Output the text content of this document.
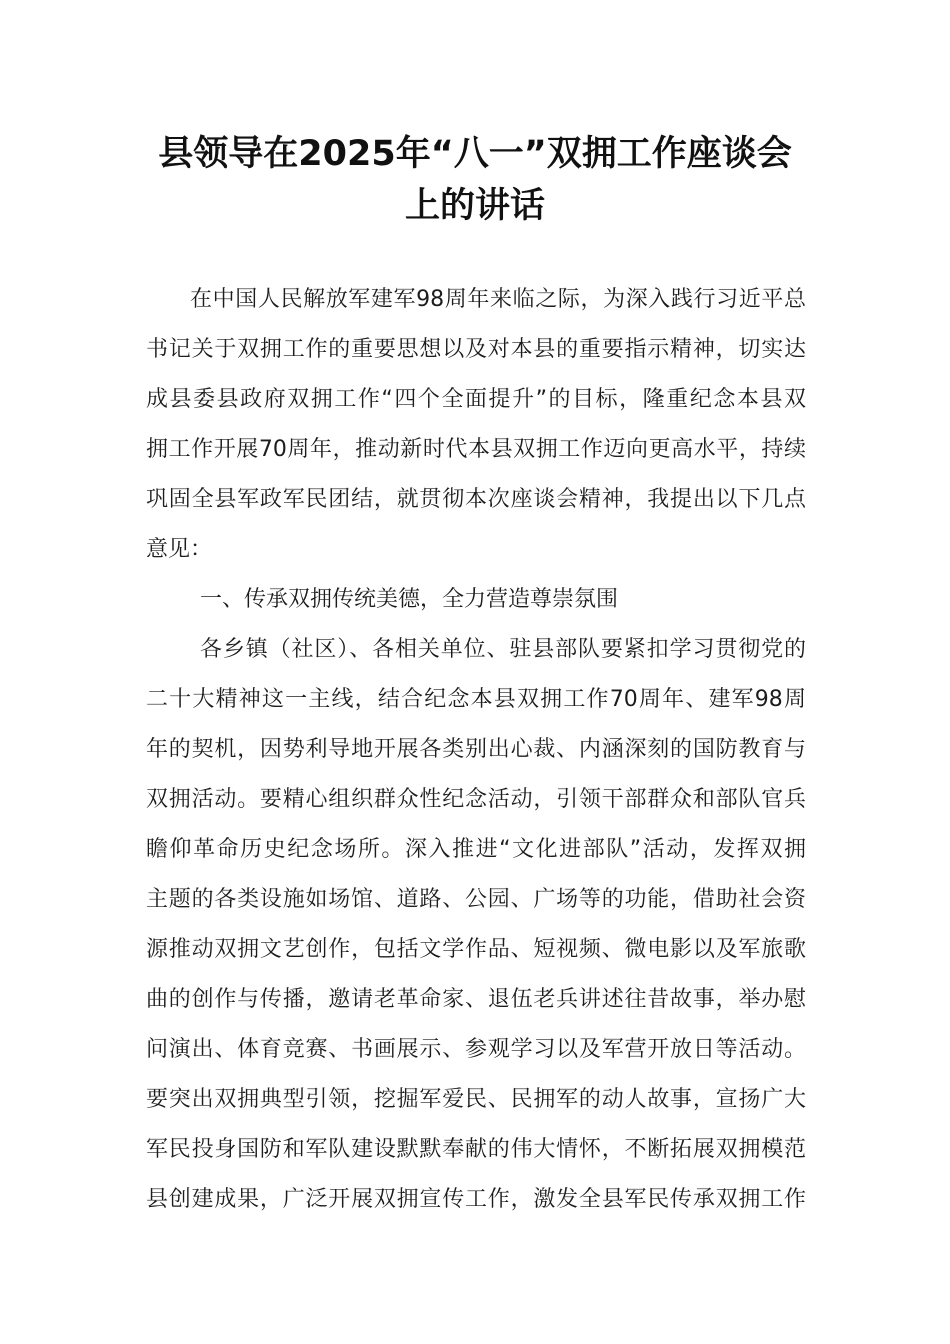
县领导在2025年“八一”双拥工作座谈会
上的讲话
在中国人民解放军建军98周年来临之际，为深入践行习近平总
书记关于双拥工作的重要思想以及对本县的重要指示精神，切实达
成县委县政府双拥工作“四个全面提升”的目标，隆重纪念本县双
拥工作开展70周年，推动新时代本县双拥工作迈向更高水平，持续
巩固全县军政军民团结，就贯彻本次座谈会精神，我提出以下几点
意见：
一、传承双拥传统美德，全力营造尊崇氛围
各乡镇（社区）、各相关单位、驻县部队要紧扣学习贯彻党的
二十大精神这一主线，结合纪念本县双拥工作70周年、建军98周
年的契机，因势利导地开展各类别出心裁、内涵深刻的国防教育与
双拥活动。要精心组织群众性纪念活动，引领干部群众和部队官兵
瞻仰革命历史纪念场所。深入推进“文化进部队”活动，发挥双拥
主题的各类设施如场馆、道路、公园、广场等的功能，借助社会资
源推动双拥文艺创作，包括文学作品、短视频、微电影以及军旅歌
曲的创作与传播，邀请老革命家、退伍老兵讲述往昔故事，举办慰
问演出、体育竞赛、书画展示、参观学习以及军营开放日等活动。
要突出双拥典型引领，挖掘军爱民、民拥军的动人故事，宣扬广大
军民投身国防和军队建设默默奉献的伟大情怀，不断拓展双拥模范
县创建成果，广泛开展双拥宣传工作，激发全县军民传承双拥工作
